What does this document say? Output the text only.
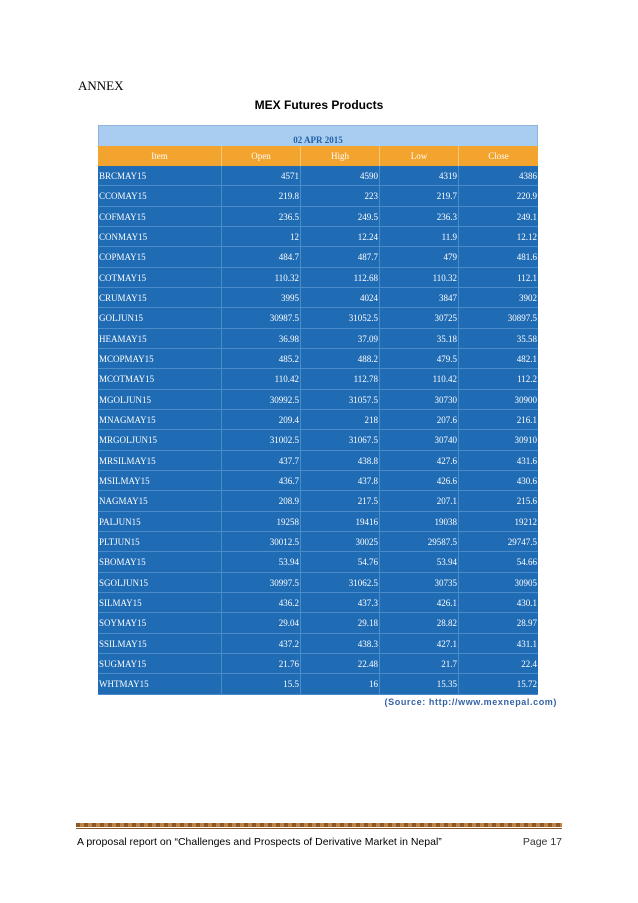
ANNEX
MEX Futures Products
02 APR 2015
Item	Open	High	Low	Close
BRCMAY15	4571	4590	4319	4386
CCOMAY15	219.8	223	219.7	220.9
COFMAY15	236.5	249.5	236.3	249.1
CONMAY15	12	12.24	11.9	12.12
COPMAY15	484.7	487.7	479	481.6
COTMAY15	110.32	112.68	110.32	112.1
CRUMAY15	3995	4024	3847	3902
GOLJUN15	30987.5	31052.5	30725	30897.5
HEAMAY15	36.98	37.09	35.18	35.58
MCOPMAY15	485.2	488.2	479.5	482.1
MCOTMAY15	110.42	112.78	110.42	112.2
MGOLJUN15	30992.5	31057.5	30730	30900
MNAGMAY15	209.4	218	207.6	216.1
MRGOLJUN15	31002.5	31067.5	30740	30910
MRSILMAY15	437.7	438.8	427.6	431.6
MSILMAY15	436.7	437.8	426.6	430.6
NAGMAY15	208.9	217.5	207.1	215.6
PALJUN15	19258	19416	19038	19212
PLTJUN15	30012.5	30025	29587.5	29747.5
SBOMAY15	53.94	54.76	53.94	54.66
SGOLJUN15	30997.5	31062.5	30735	30905
SILMAY15	436.2	437.3	426.1	430.1
SOYMAY15	29.04	29.18	28.82	28.97
SSILMAY15	437.2	438.3	427.1	431.1
SUGMAY15	21.76	22.48	21.7	22.4
WHTMAY15	15.5	16	15.35	15.72
(Source: http://www.mexnepal.com)
A proposal report on “Challenges and Prospects of Derivative Market in Nepal”	Page 17
